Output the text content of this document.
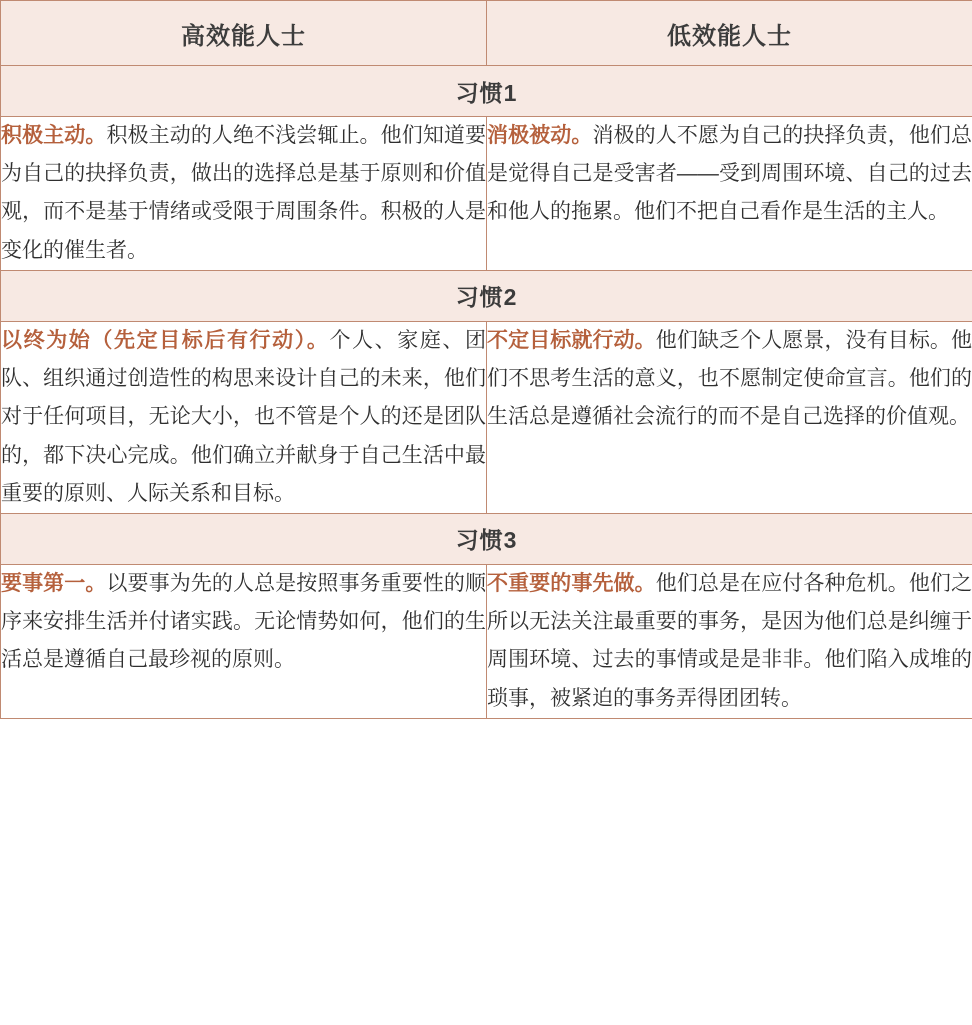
高效能人士	低效能人士
习惯1	
积极主动。积极主动的人绝不浅尝辄止。他们知道要为自己的抉择负责，做出的选择总是基于原则和价值观，而不是基于情绪或受限于周围条件。积极的人是变化的催生者。	消极被动。消极的人不愿为自己的抉择负责，他们总是觉得自己是受害者——受到周围环境、自己的过去和他人的拖累。他们不把自己看作是生活的主人。
习惯2	
以终为始（先定目标后有行动）。个人、家庭、团队、组织通过创造性的构思来设计自己的未来，他们对于任何项目，无论大小，也不管是个人的还是团队的，都下决心完成。他们确立并献身于自己生活中最重要的原则、人际关系和目标。	不定目标就行动。他们缺乏个人愿景，没有目标。他们不思考生活的意义，也不愿制定使命宣言。他们的生活总是遵循社会流行的而不是自己选择的价值观。
习惯3	
要事第一。以要事为先的人总是按照事务重要性的顺序来安排生活并付诸实践。无论情势如何，他们的生活总是遵循自己最珍视的原则。	不重要的事先做。他们总是在应付各种危机。他们之所以无法关注最重要的事务，是因为他们总是纠缠于周围环境、过去的事情或是是非非。他们陷入成堆的琐事，被紧迫的事务弄得团团转。
